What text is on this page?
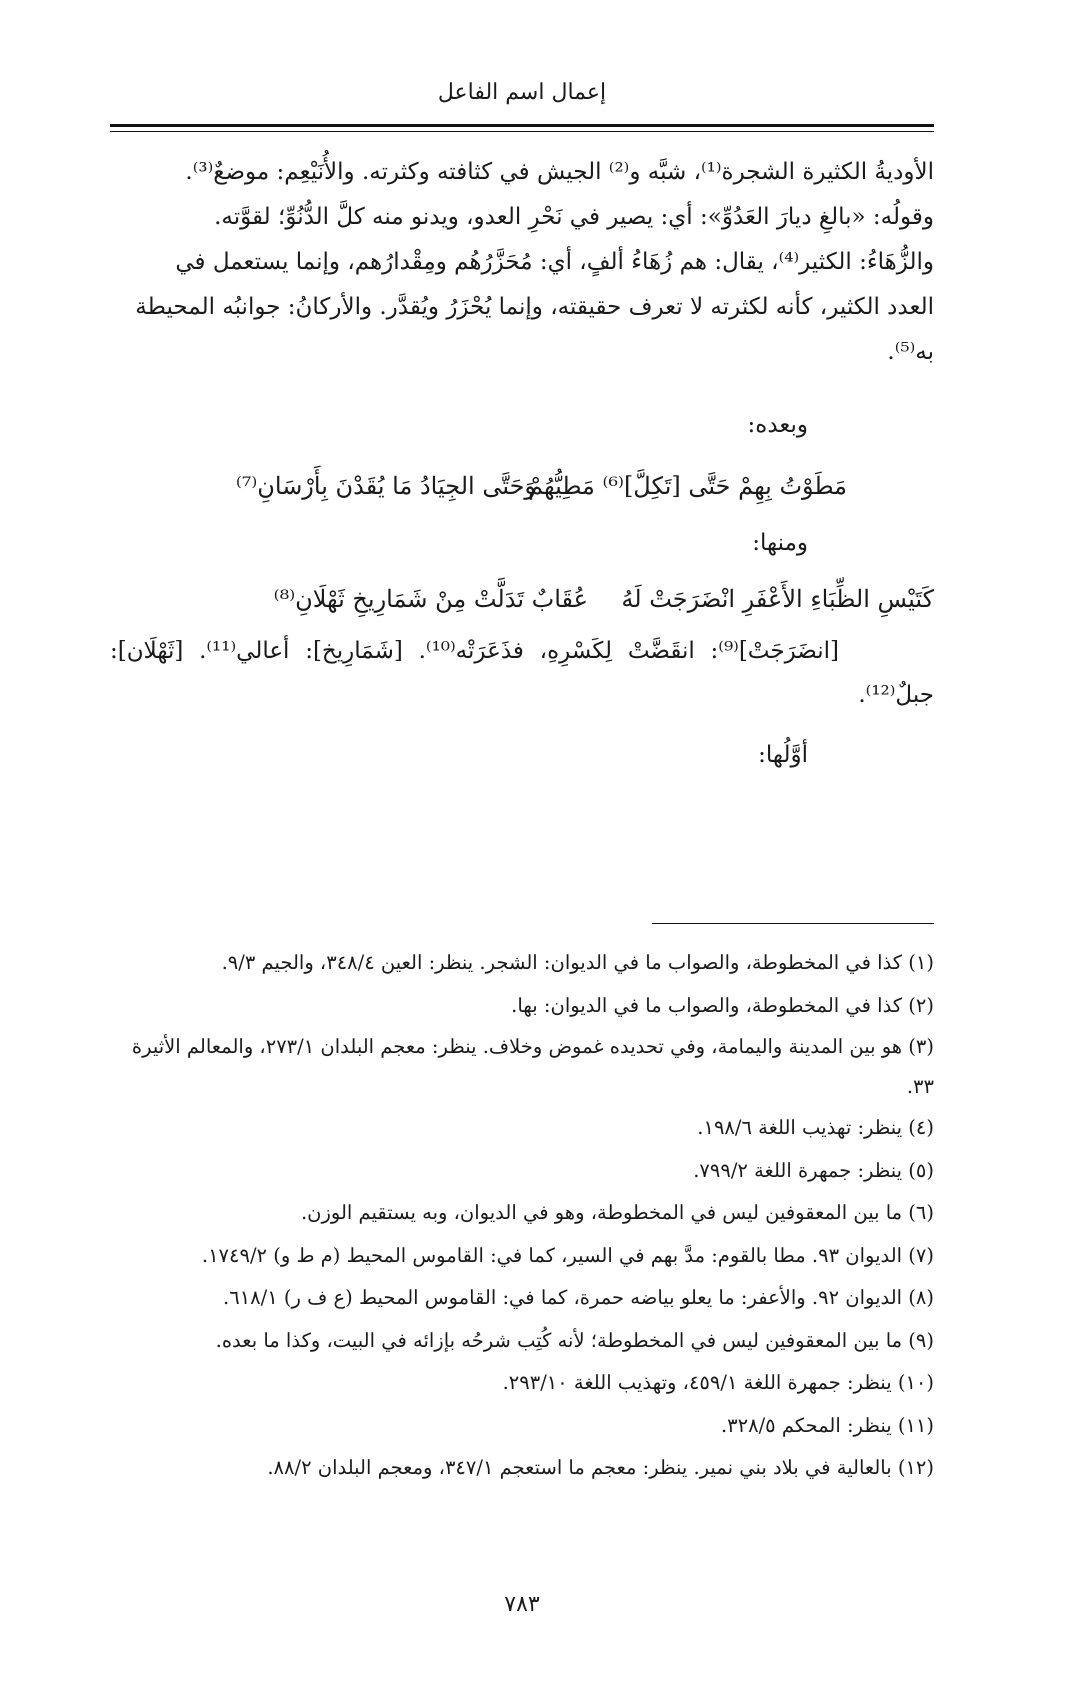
إعمال اسم الفاعل

الأوديةُ الكثيرة الشجرة⁽¹⁾، شبَّه و⁽²⁾ الجيش في كثافته وكثرته. والأُنَيْعِم: موضعٌ⁽³⁾.

وقولُه: «بالغِ ديارَ العَدُوِّ»: أي: يصير في نَحْرِ العدو، ويدنو منه كلَّ الدُّنُوِّ؛ لقوَّته.

والزُّهَاءُ: الكثير⁽⁴⁾، يقال: هم زُهَاءُ ألفٍ، أي: مُحَزَّرُهُم ومِقْدارُهم، وإنما يستعمل في

العدد الكثير، كأنه لكثرته لا تعرف حقيقته، وإنما يُحْزَرُ ويُقدَّر. والأركانُ: جوانبُه المحيطة

به⁽⁵⁾.

وبعده:
مَطَوْتُ بِهِمْ حَتَّى [تَكِلَّ]⁽⁶⁾ مَطِيُّهُمْ
وَحَتَّى الجِيَادُ مَا يُقَدْنَ بِأَرْسَانِ⁽⁷⁾
ومنها:
كَتَيْسِ الظِّبَاءِ الأَعْفَرِ انْضَرَجَتْ لَهُ
عُقَابٌ تَدَلَّتْ مِنْ شَمَارِيخِ ثَهْلَانِ⁽⁸⁾
[انضَرَجَتْ]⁽⁹⁾: انقَضَّتْ لِكَسْرِهِ، فذَعَرَتْه⁽¹⁰⁾. [شَمَارِيخ]: أعالي⁽¹¹⁾. [ثَهْلَان]:
جبلٌ⁽¹²⁾.
أوَّلُها:

(١) كذا في المخطوطة، والصواب ما في الديوان: الشجر. ينظر: العين ٣٤٨/٤، والجيم ٩/٣.

(٢) كذا في المخطوطة، والصواب ما في الديوان: بها.

(٣) هو بين المدينة واليمامة، وفي تحديده غموض وخلاف. ينظر: معجم البلدان ٢٧٣/١، والمعالم الأثيرة ٣٣.

(٤) ينظر: تهذيب اللغة ١٩٨/٦.

(٥) ينظر: جمهرة اللغة ٧٩٩/٢.

(٦) ما بين المعقوفين ليس في المخطوطة، وهو في الديوان، وبه يستقيم الوزن.

(٧) الديوان ٩٣. مطا بالقوم: مدَّ بهم في السير، كما في: القاموس المحيط (م ط و) ١٧٤٩/٢.

(٨) الديوان ٩٢. والأعفر: ما يعلو بياضه حمرة، كما في: القاموس المحيط (ع ف ر) ٦١٨/١.

(٩) ما بين المعقوفين ليس في المخطوطة؛ لأنه كُتِب شرحُه بإزائه في البيت، وكذا ما بعده.

(١٠) ينظر: جمهرة اللغة ٤٥٩/١، وتهذيب اللغة ٢٩٣/١٠.

(١١) ينظر: المحكم ٣٢٨/٥.

(١٢) بالعالية في بلاد بني نمير. ينظر: معجم ما استعجم ٣٤٧/١، ومعجم البلدان ٨٨/٢.

٧٨٣
